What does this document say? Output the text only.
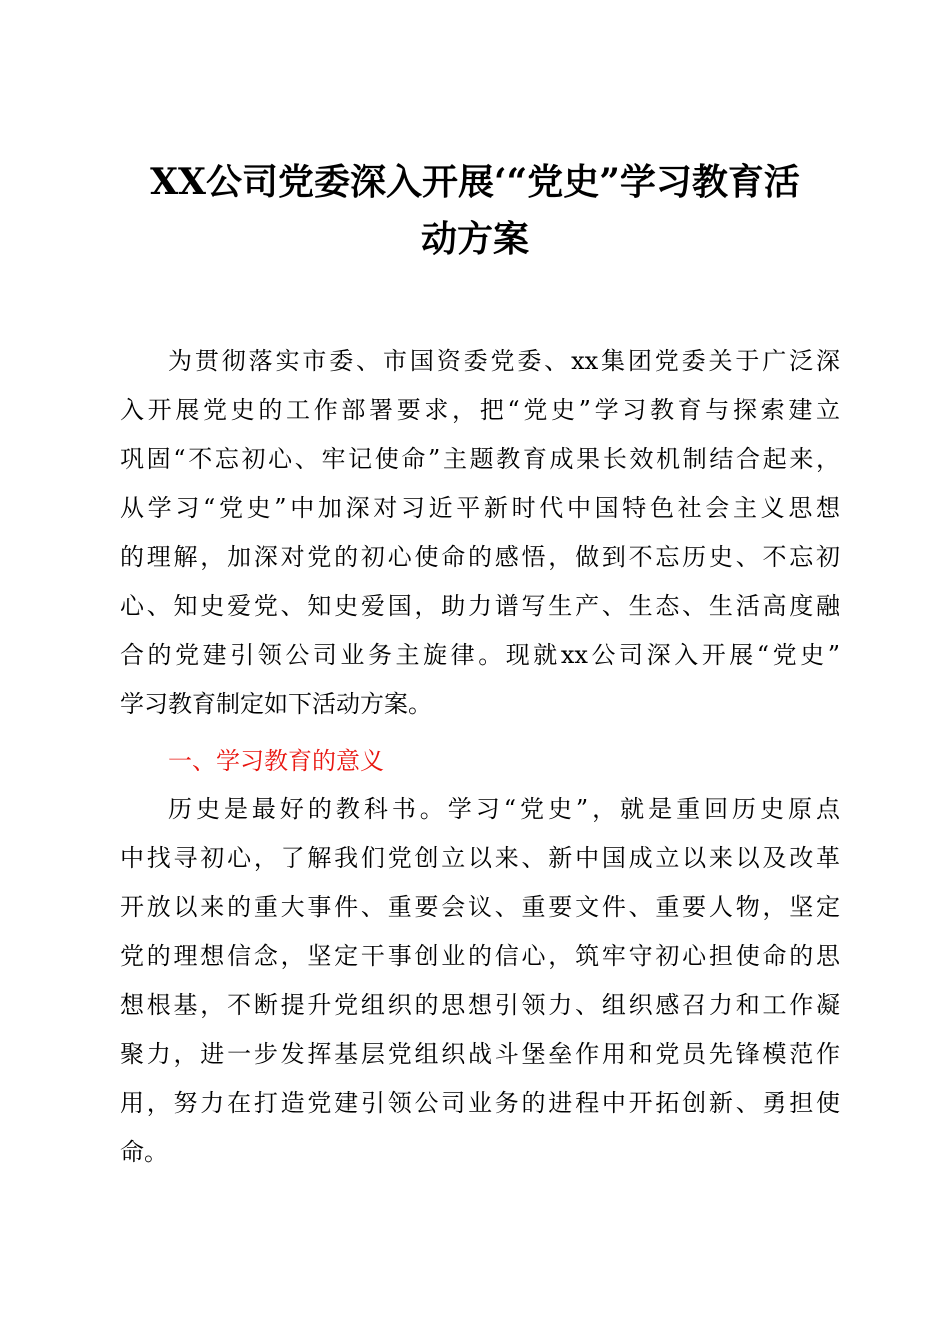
XX公司党委深入开展‘“党史”学习教育活
动方案
为贯彻落实市委、市国资委党委、xx集团党委关于广泛深
入开展党史的工作部署要求，把“党史”学习教育与探索建立
巩固“不忘初心、牢记使命”主题教育成果长效机制结合起来，
从学习“党史”中加深对习近平新时代中国特色社会主义思想
的理解，加深对党的初心使命的感悟，做到不忘历史、不忘初
心、知史爱党、知史爱国，助力谱写生产、生态、生活高度融
合的党建引领公司业务主旋律。现就xx公司深入开展“党史”
学习教育制定如下活动方案。
一、学习教育的意义
历史是最好的教科书。学习“党史”，就是重回历史原点
中找寻初心，了解我们党创立以来、新中国成立以来以及改革
开放以来的重大事件、重要会议、重要文件、重要人物，坚定
党的理想信念，坚定干事创业的信心，筑牢守初心担使命的思
想根基，不断提升党组织的思想引领力、组织感召力和工作凝
聚力，进一步发挥基层党组织战斗堡垒作用和党员先锋模范作
用，努力在打造党建引领公司业务的进程中开拓创新、勇担使
命。
